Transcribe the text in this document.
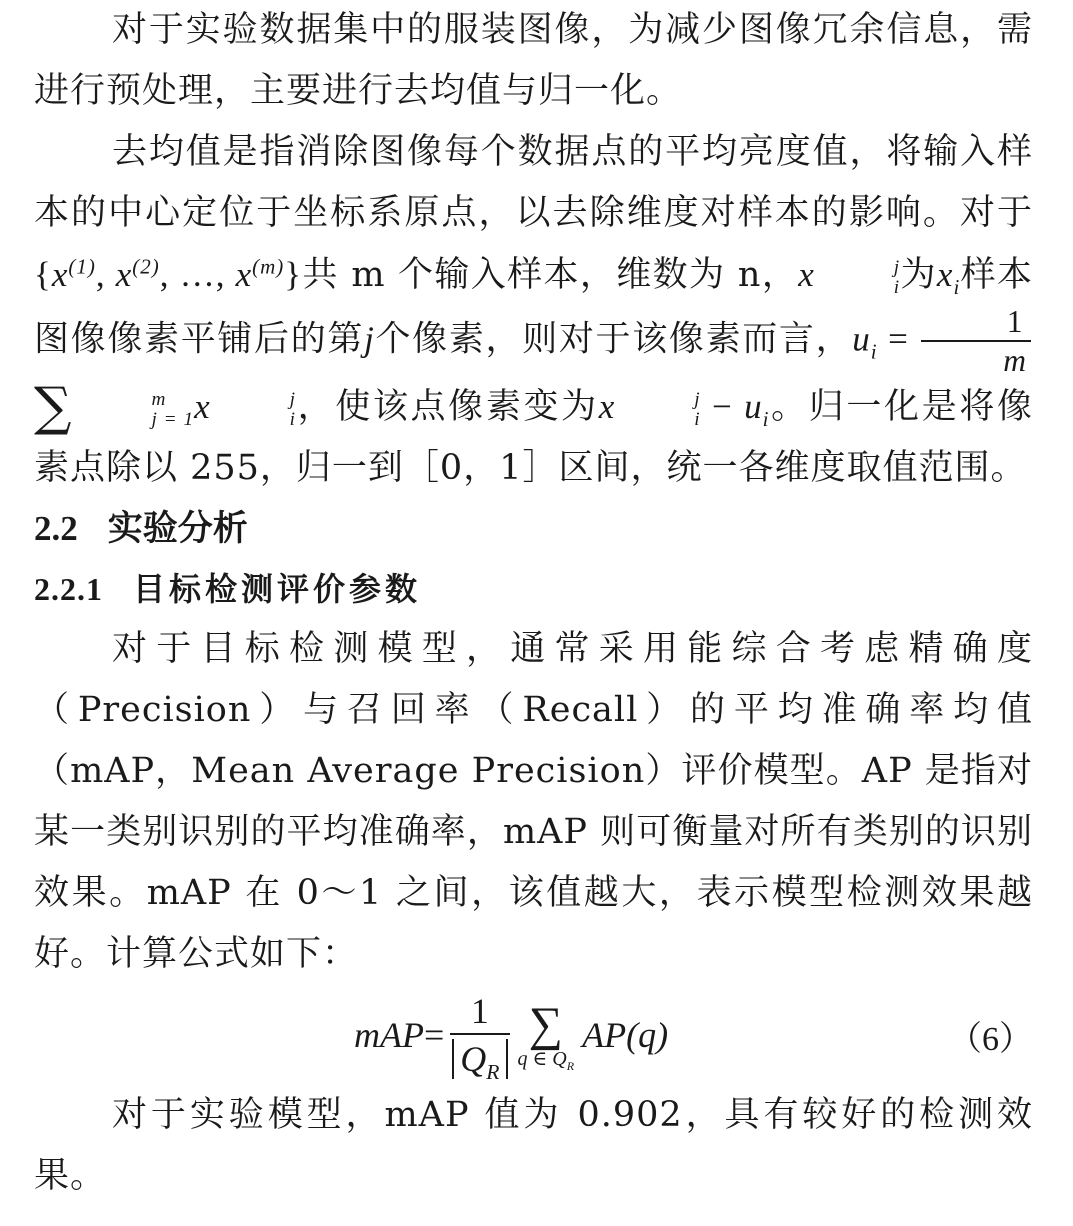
对于实验数据集中的服装图像，为减少图像冗余信息，需进行预处理，主要进行去均值与归一化。

去均值是指消除图像每个数据点的平均亮度值，将输入样本的中心定位于坐标系原点，以去除维度对样本的影响。对于{$x^{(1)}$, $x^{(2)}$, …, $x^{(m)}$}共 m 个输入样本，维数为 n，x	j
i 为$x_i$样本图像像素平铺后的第j个像素，则对于该像素而言，$u_i = \frac{1}{m}$
∑	m
j = 1 x	j
i ，使该点像素变为x	j
$i - u_i$。归一化是将像素点除以 255，归一到［0，1］区间，统一各维度取值范围。

2.2 实验分析
2.2.1 目标检测评价参数

对于目标检测模型，通常采用能综合考虑精确度（Precision）与召回率（Recall）的平均准确率均值（mAP，Mean Average Precision）评价模型。AP 是指对某一类别识别的平均准确率，mAP 则可衡量对所有类别的识别效果。mAP 在 0～1 之间，该值越大，表示模型检测效果越好。计算公式如下：

mAP = $\frac{1}{Q_R}$ ∑
q ∈ $Q_R$
AP(q)	（6）

对于实验模型，mAP 值为 0.902，具有较好的检测效果。
